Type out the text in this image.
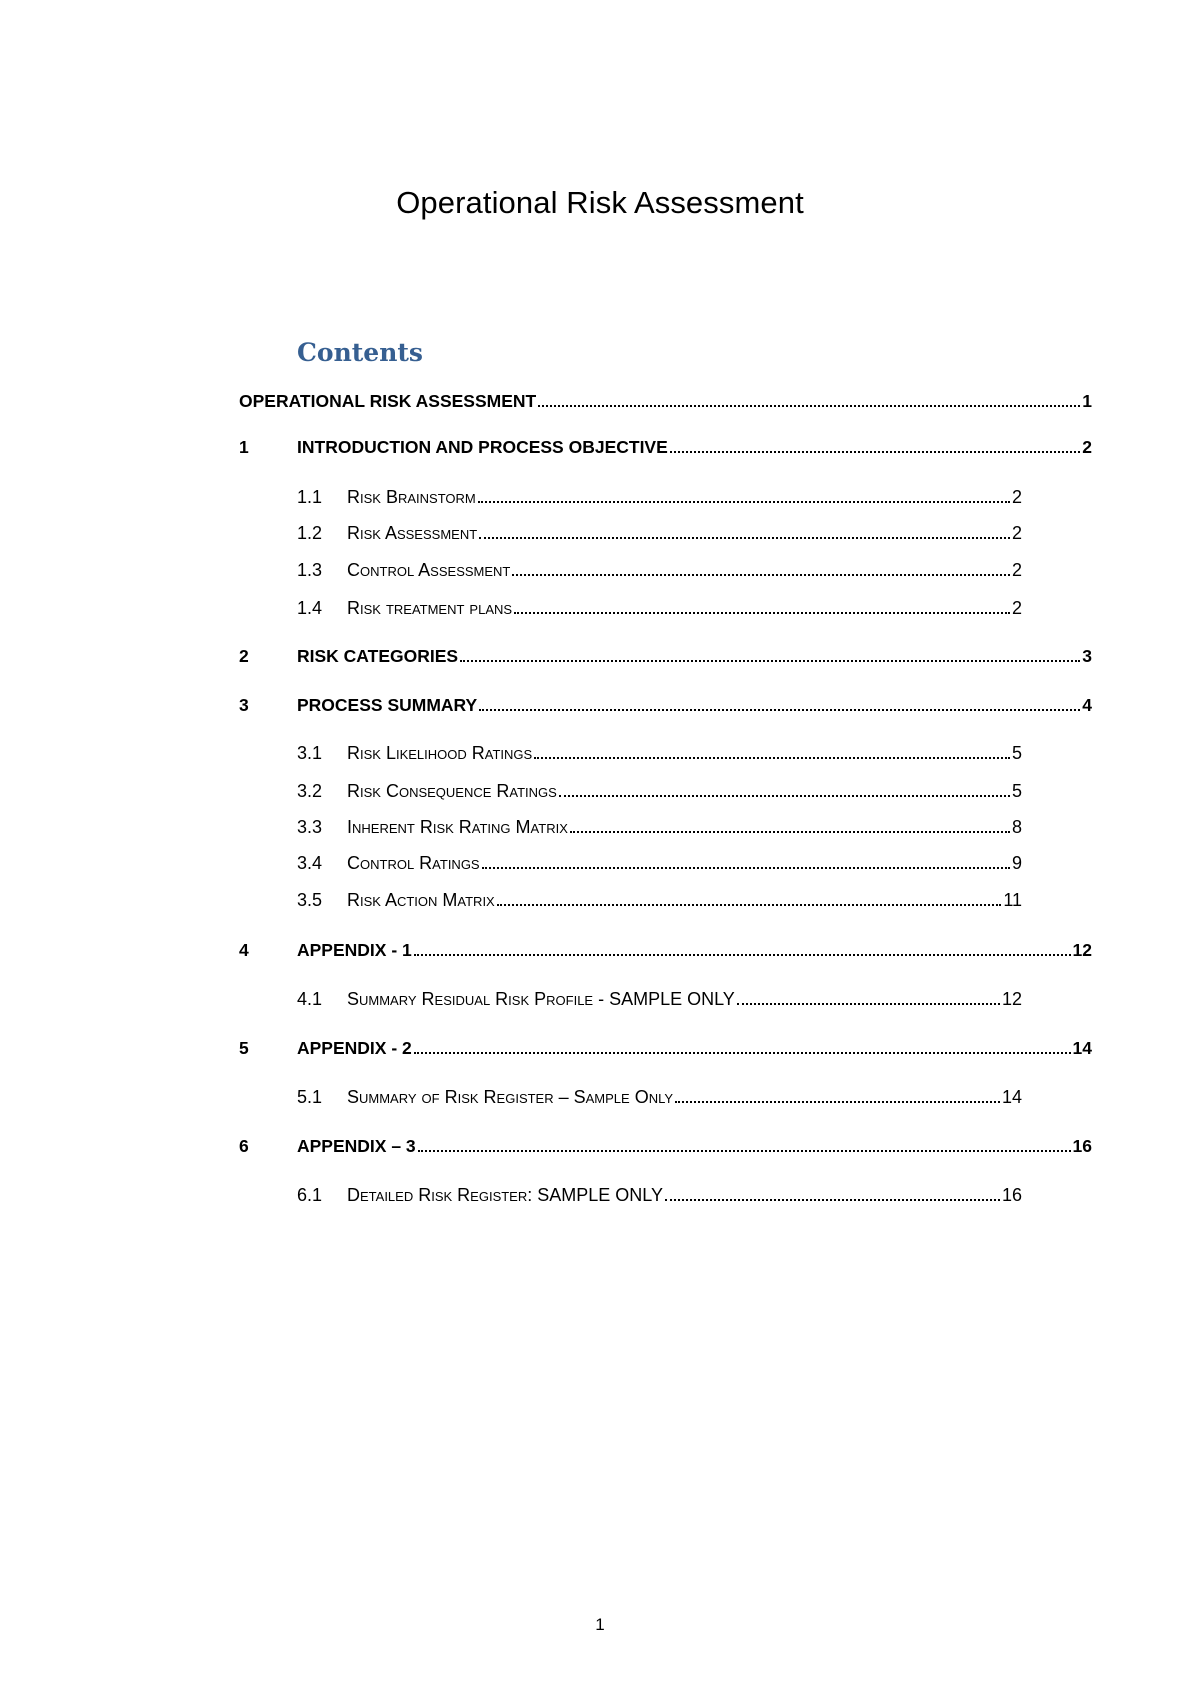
Operational Risk Assessment
Contents
OPERATIONAL RISK ASSESSMENT	1
1	INTRODUCTION AND PROCESS OBJECTIVE	2
1.1	Risk Brainstorm	2
1.2	Risk Assessment	2
1.3	Control Assessment	2
1.4	Risk treatment plans	2
2	RISK CATEGORIES	3
3	PROCESS SUMMARY	4
3.1	Risk Likelihood Ratings	5
3.2	Risk Consequence Ratings	5
3.3	Inherent Risk Rating Matrix	8
3.4	Control Ratings	9
3.5	Risk Action Matrix	11
4	APPENDIX - 1	12
4.1	Summary Residual Risk Profile - SAMPLE ONLY	12
5	APPENDIX - 2	14
5.1	Summary of Risk Register – Sample Only	14
6	APPENDIX – 3	16
6.1	Detailed Risk Register: SAMPLE ONLY	16
1
